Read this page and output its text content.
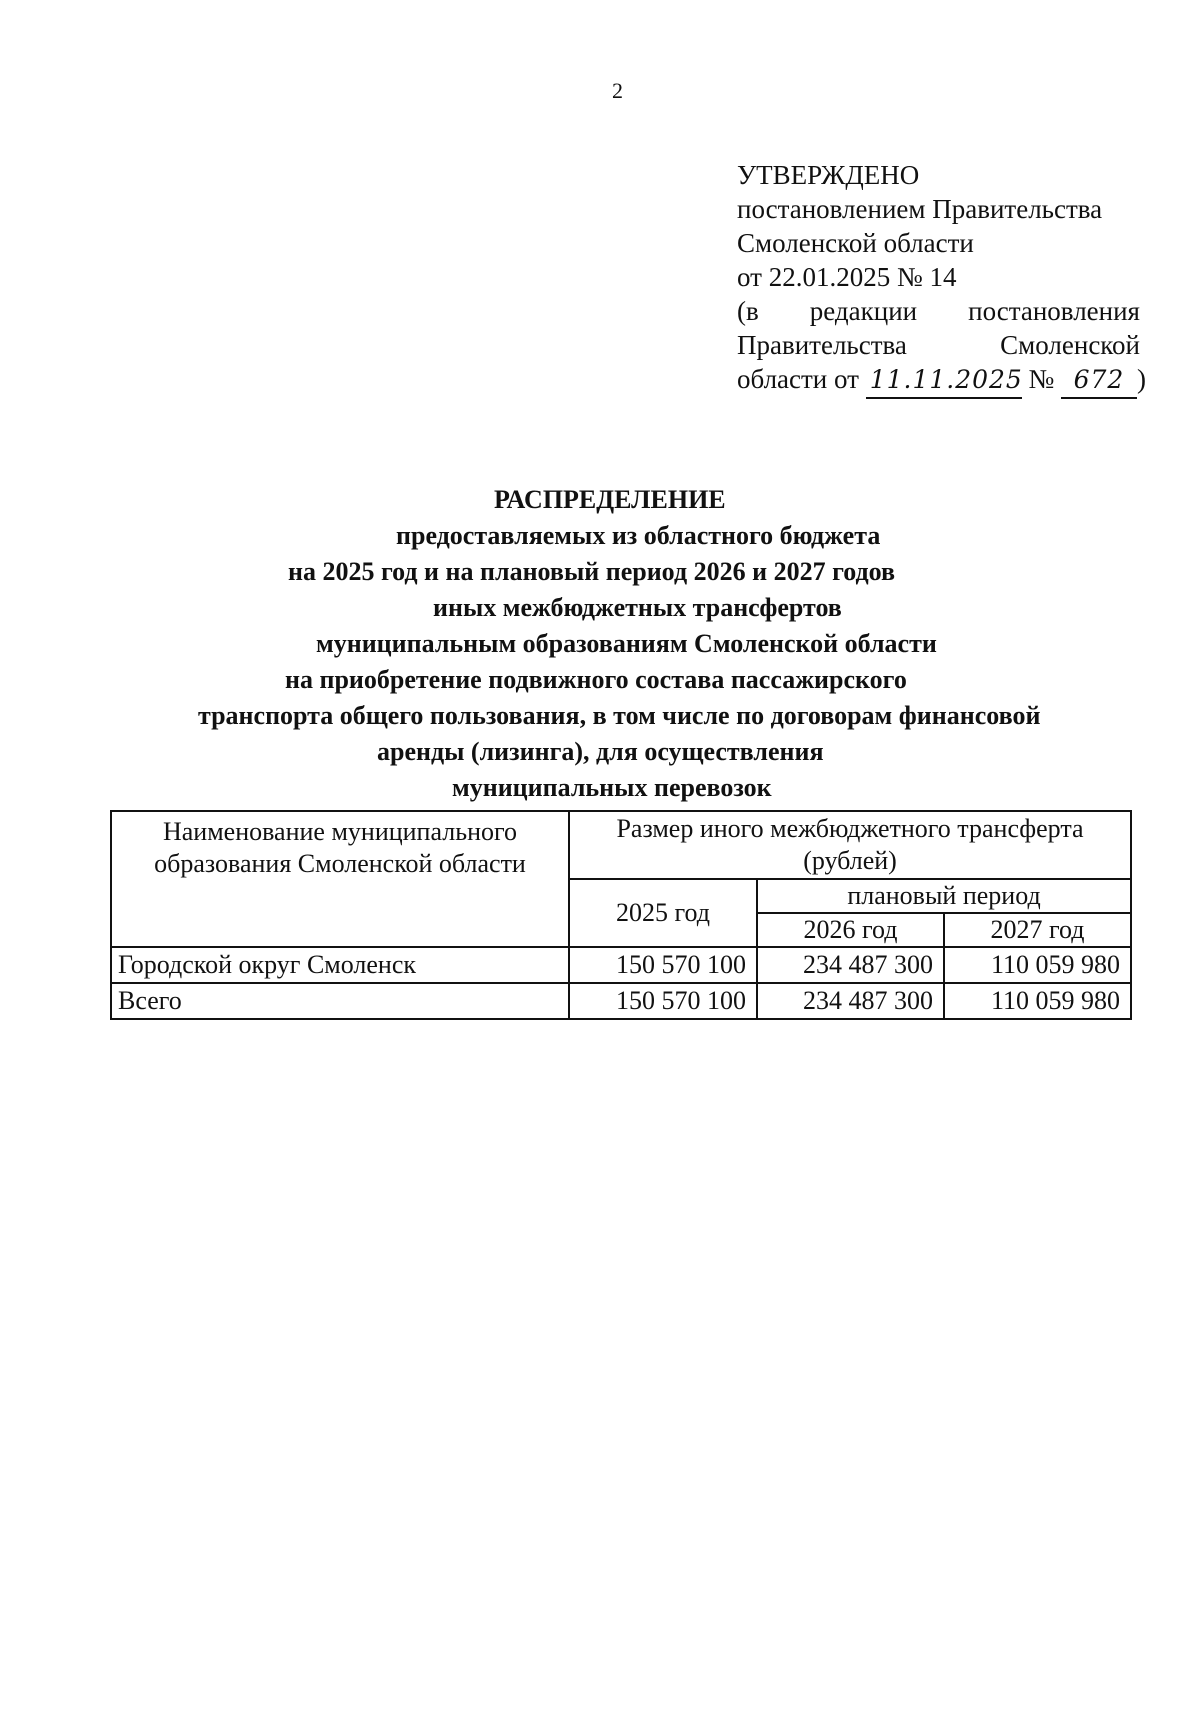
2
УТВЕРЖДЕНО
постановлением Правительства
Смоленской области
от 22.01.2025 № 14
(в редакции постановления
Правительства	Смоленской
области от 11.11.2025 № 672 )
РАСПРЕДЕЛЕНИЕ
предоставляемых из областного бюджета
на 2025 год и на плановый период 2026 и 2027 годов
иных межбюджетных трансфертов
муниципальным образованиям Смоленской области
на приобретение подвижного состава пассажирского
транспорта общего пользования, в том числе по договорам финансовой
аренды (лизинга), для осуществления
муниципальных перевозок
Наименование муниципального образования Смоленской области	Размер иного межбюджетного трансферта (рублей)		
	2025 год	плановый период	
		2026 год	2027 год
Городской округ Смоленск	150 570 100	234 487 300	110 059 980
Всего	150 570 100	234 487 300	110 059 980
